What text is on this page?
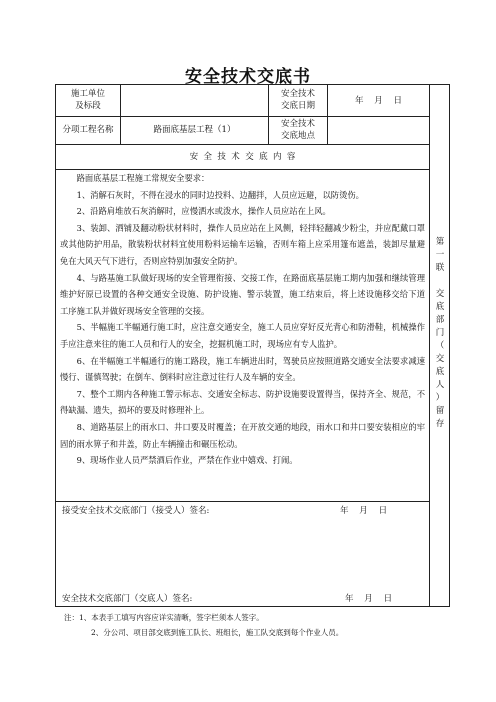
安全技术交底书
施工单位
及标段
安全技术
交底日期	年    月    日
分项工程名称	路面底基层工程（1）
安全技术
交底地点
安  全  技  术  交  底  内  容

路面底基层工程施工常规安全要求：

1、消解石灰时，不得在浸水的同时边投料、边翻拌，人员应远避，以防烫伤。

2、沿路肩堆放石灰消解时，应慢洒水或泼水，操作人员应站在上风。

3、装卸、洒铺及翻动粉状材料时，操作人员应站在上风侧，轻拌轻翻减少粉尘，并应配戴口罩或其他防护用品，散装粉状材料宜使用粉料运输车运输，否则车箱上应采用篷布遮盖，装卸尽量避免在大风天气下进行，否则应特别加强安全防护。

4、与路基施工队做好现场的安全管理衔接、交接工作，在路面底基层施工期内加强和继续管理维护好原已设置的各种交通安全设施、防护设施、警示装置，施工结束后，将上述设施移交给下道工序施工队并做好现场安全管理的交接。

5、半幅施工半幅通行施工时，应注意交通安全，施工人员应穿好反光背心和防滑鞋，机械操作手应注意来往的施工人员和行人的安全，挖掘机施工时，现场应有专人监护。

6、在半幅施工半幅通行的施工路段，施工车辆进出时，驾驶员应按照道路交通安全法要求减速慢行、谨慎驾驶；在倒车、倒料时应注意过往行人及车辆的安全。

7、整个工期内各种施工警示标志、交通安全标志、防护设施要设置得当，保持齐全、规范，不得缺漏、遗失，损坏的要及时修理补上。

8、道路基层上的雨水口、井口要及时覆盖；在开放交通的地段，雨水口和井口要安装相应的牢固的雨水箅子和井盖，防止车辆撞击和碾压松动。

9、现场作业人员严禁酒后作业，严禁在作业中嬉戏、打闹。

第
一
联
交
底
部
门
（
交
底
人
）
留
存
接受安全技术交底部门（接受人）签名:	年    月    日
安全技术交底部门（交底人）签名:	年    月    日
注：1、本表手工填写内容应详实清晰，签字栏须本人签字。
2、分公司、项目部交底到施工队长、班组长，施工队交底到每个作业人员。
